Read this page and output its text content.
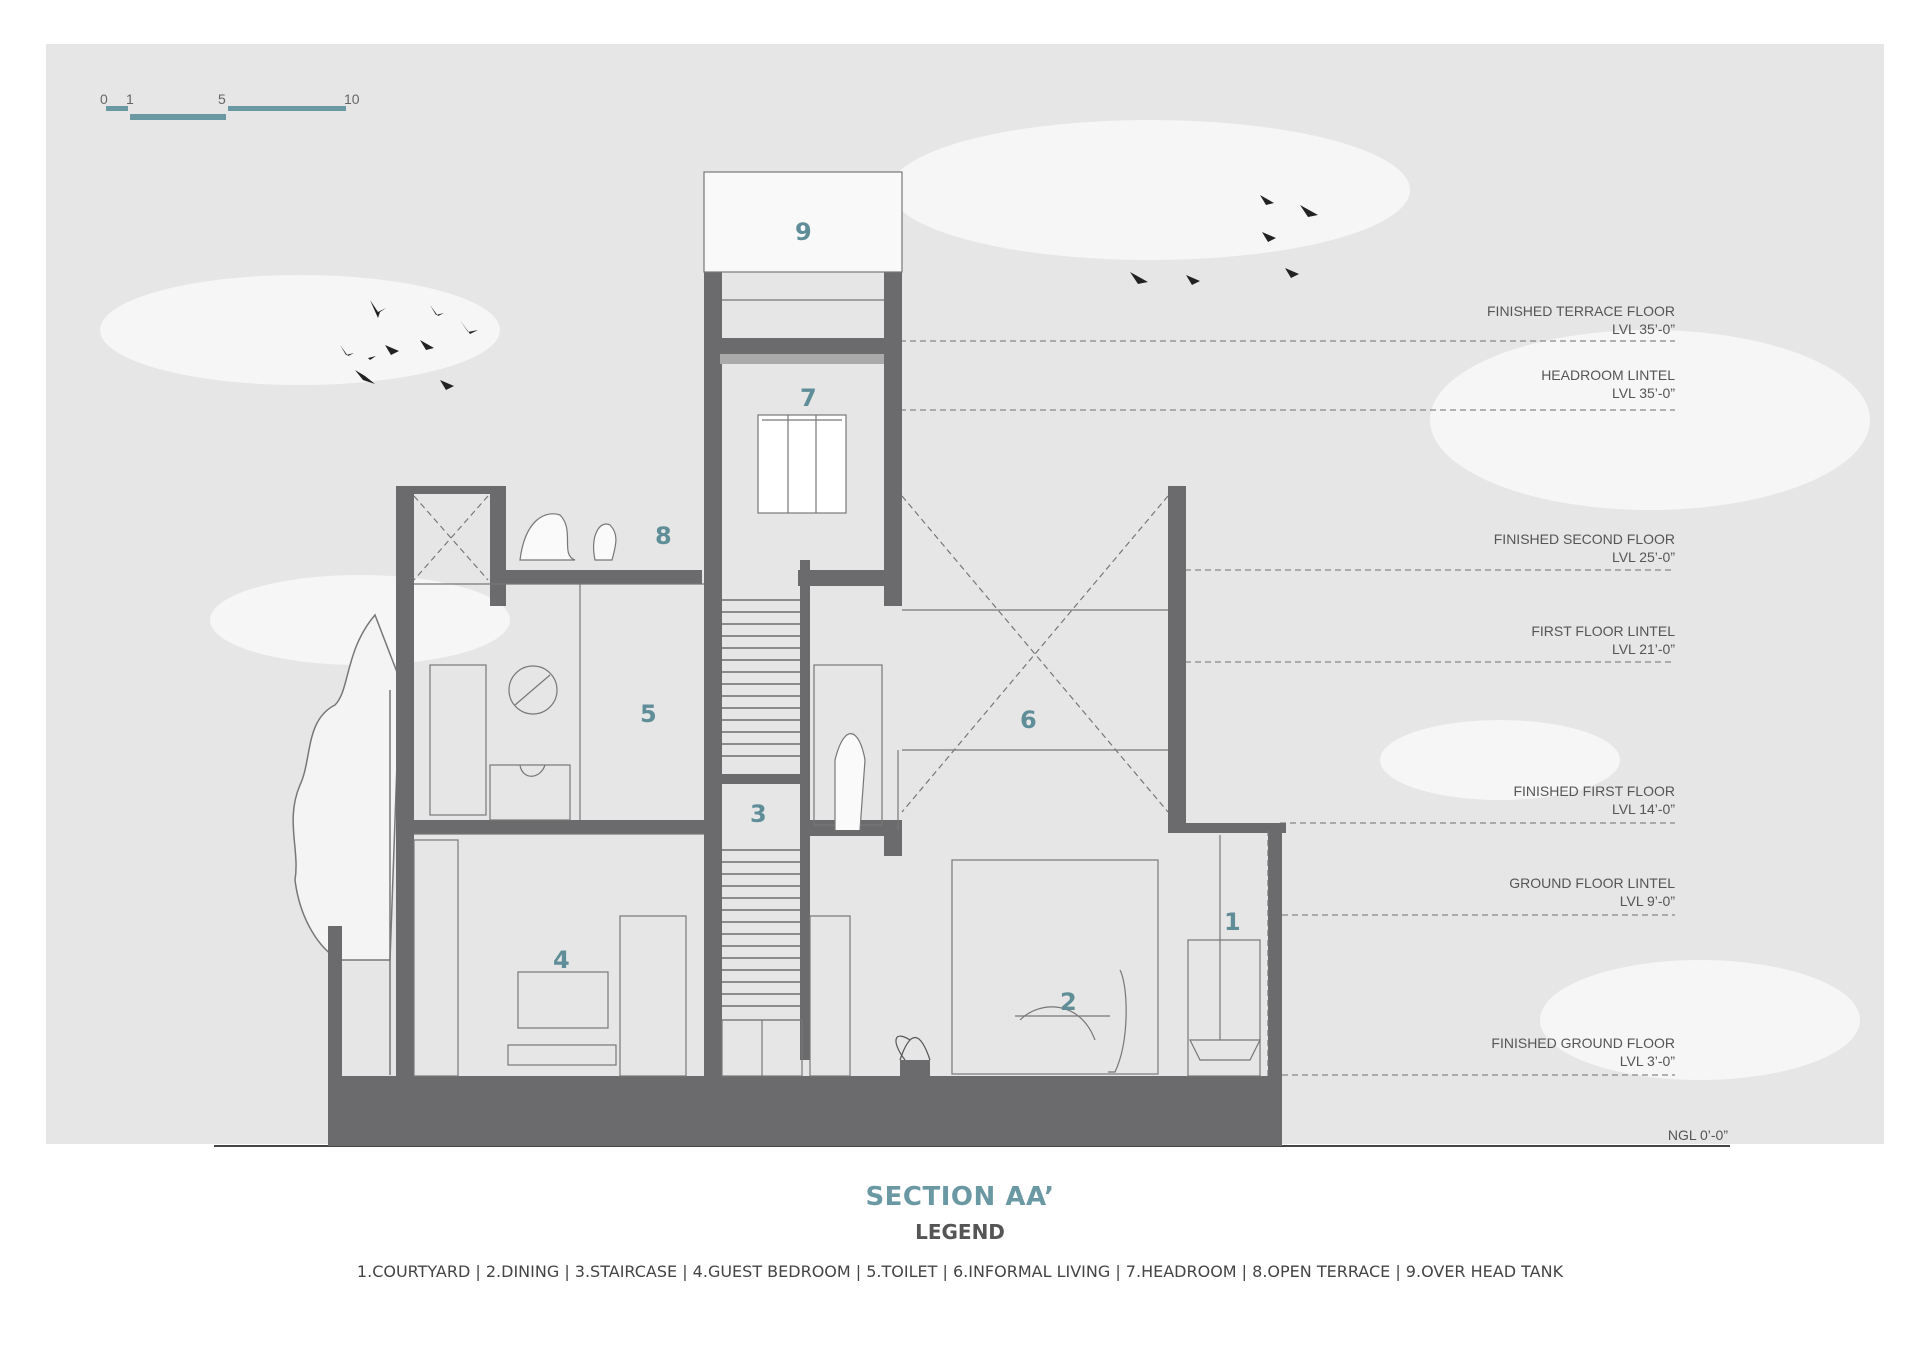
0 1	5	10
1
2
3
4
5	6
7
8
9
FINISHED TERRACE FLOOR
LVL 35’-0”
HEADROOM LINTEL
LVL 35’-0”
FINISHED SECOND FLOOR
LVL 25’-0”
FIRST FLOOR LINTEL
LVL 21’-0”
FINISHED FIRST FLOOR
LVL 14’-0”
GROUND FLOOR LINTEL
LVL 9’-0”
FINISHED GROUND FLOOR
LVL 3’-0”
NGL 0’-0”
SECTION AA’
LEGEND
1.COURTYARD | 2.DINING | 3.STAIRCASE | 4.GUEST BEDROOM | 5.TOILET | 6.INFORMAL LIVING | 7.HEADROOM | 8.OPEN TERRACE | 9.OVER HEAD TANK
